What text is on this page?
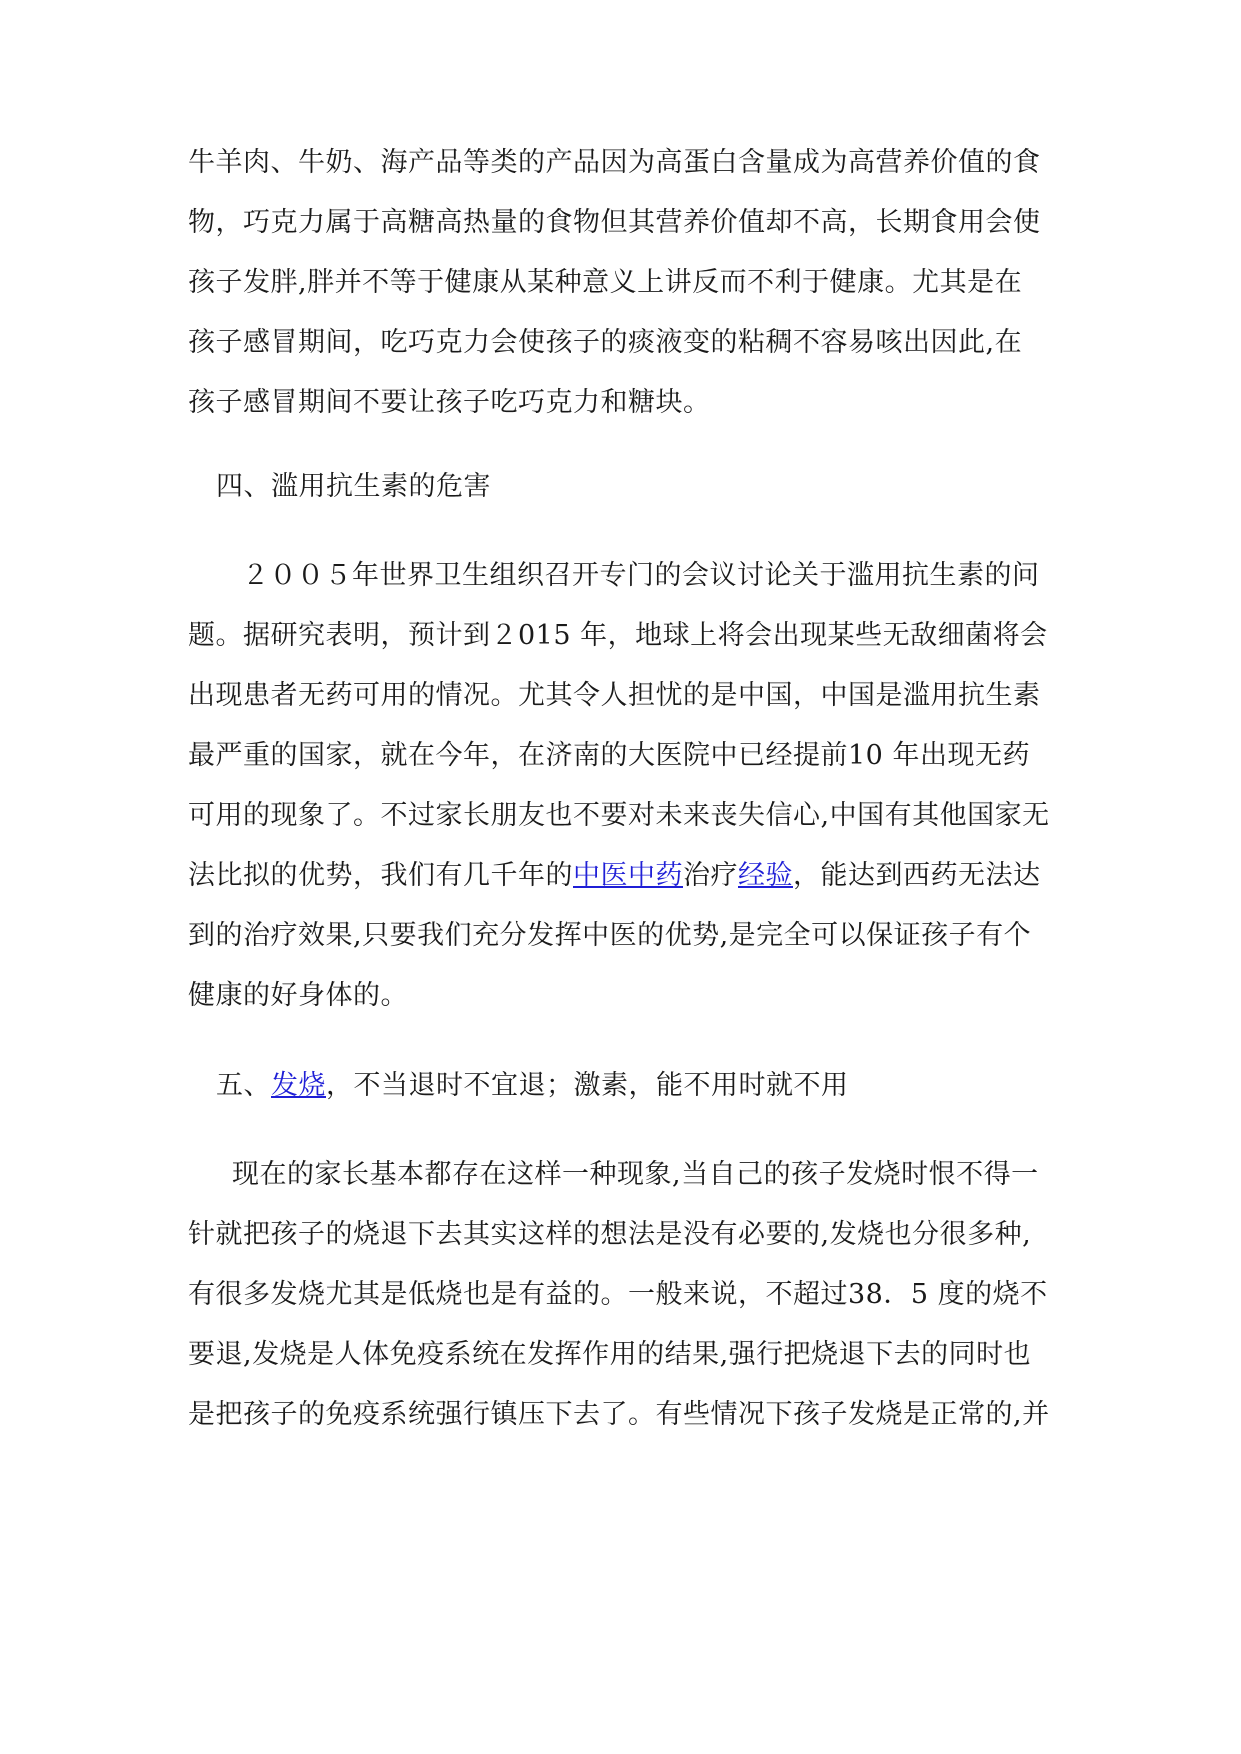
牛羊肉、牛奶、海产品等类的产品因为高蛋白含量成为高营养价值的食
物，巧克力属于高糖高热量的食物但其营养价值却不高，长期食用会使
孩子发胖,胖并不等于健康从某种意义上讲反而不利于健康。尤其是在
孩子感冒期间，吃巧克力会使孩子的痰液变的粘稠不容易咳出因此,在
孩子感冒期间不要让孩子吃巧克力和糖块。
四、滥用抗生素的危害
２００５年世界卫生组织召开专门的会议讨论关于滥用抗生素的问
题。据研究表明，预计到２015 年，地球上将会出现某些无敌细菌将会
出现患者无药可用的情况。尤其令人担忧的是中国，中国是滥用抗生素
最严重的国家，就在今年，在济南的大医院中已经提前10 年出现无药
可用的现象了。不过家长朋友也不要对未来丧失信心,中国有其他国家无
法比拟的优势，我们有几千年的中医中药治疗经验，能达到西药无法达
到的治疗效果,只要我们充分发挥中医的优势,是完全可以保证孩子有个
健康的好身体的。
五、发烧，不当退时不宜退；激素，能不用时就不用
现在的家长基本都存在这样一种现象,当自己的孩子发烧时恨不得一
针就把孩子的烧退下去其实这样的想法是没有必要的,发烧也分很多种,
有很多发烧尤其是低烧也是有益的。一般来说，不超过38．5 度的烧不
要退,发烧是人体免疫系统在发挥作用的结果,强行把烧退下去的同时也
是把孩子的免疫系统强行镇压下去了。有些情况下孩子发烧是正常的,并
